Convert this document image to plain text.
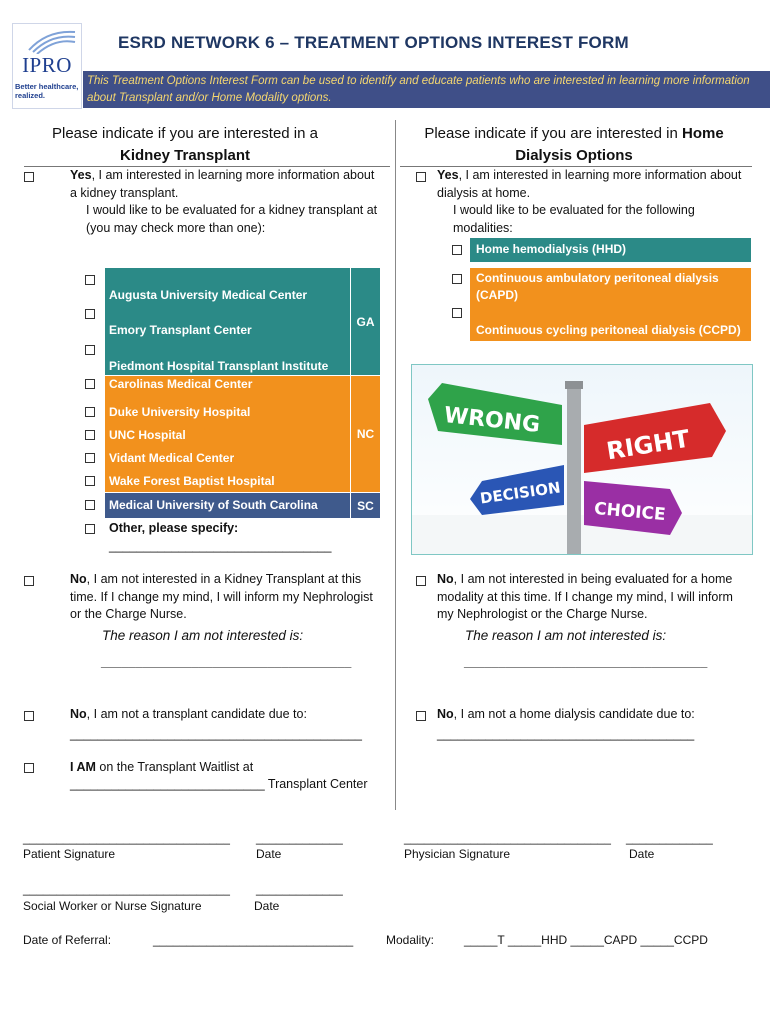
IPRO
Better healthcare, realized.
ESRD NETWORK 6 – TREATMENT OPTIONS INTEREST FORM
This Treatment Options Interest Form can be used to identify and educate patients who are interested in learning more information about Transplant and/or Home Modality options.
Please indicate if you are interested in a
Kidney Transplant
Please indicate if you are interested in Home
Dialysis Options
Yes, I am interested in learning more information about a kidney transplant.
I would like to be evaluated for a kidney transplant at (you may check more than one):
GA
NC
SC
Augusta University Medical Center
Emory Transplant Center
Piedmont Hospital Transplant Institute
Carolinas Medical Center
Duke University Hospital
UNC Hospital
Vidant Medical Center
Wake Forest Baptist Hospital
Medical University of South Carolina
Other, please specify:
________________________________
No, I am not interested in a Kidney Transplant at this time. If I change my mind, I will inform my Nephrologist or the Charge Nurse.
The reason I am not interested is:
____________________________________
No, I am not a transplant candidate due to:
__________________________________________
I AM on the Transplant Waitlist at
____________________________ Transplant Center
Yes, I am interested in learning more information about dialysis at home.
I would like to be evaluated for the following modalities:
Home hemodialysis (HHD)
Continuous ambulatory peritoneal dialysis (CAPD)
Continuous cycling peritoneal dialysis (CCPD)
WRONG
RIGHT
DECISION
CHOICE
No, I am not interested in being evaluated for a home modality at this time. If I change my mind, I will inform my Nephrologist or the Charge Nurse.
The reason I am not interested is:
___________________________________
No, I am not a home dialysis candidate due to:
_____________________________________
_______________________________
Patient Signature
_____________
Date
_______________________________
Physician Signature
_____________
Date
_______________________________
Social Worker or Nurse Signature
_____________
Date
Date of Referral:	______________________________	Modality: _____T _____HHD _____CAPD _____CCPD
